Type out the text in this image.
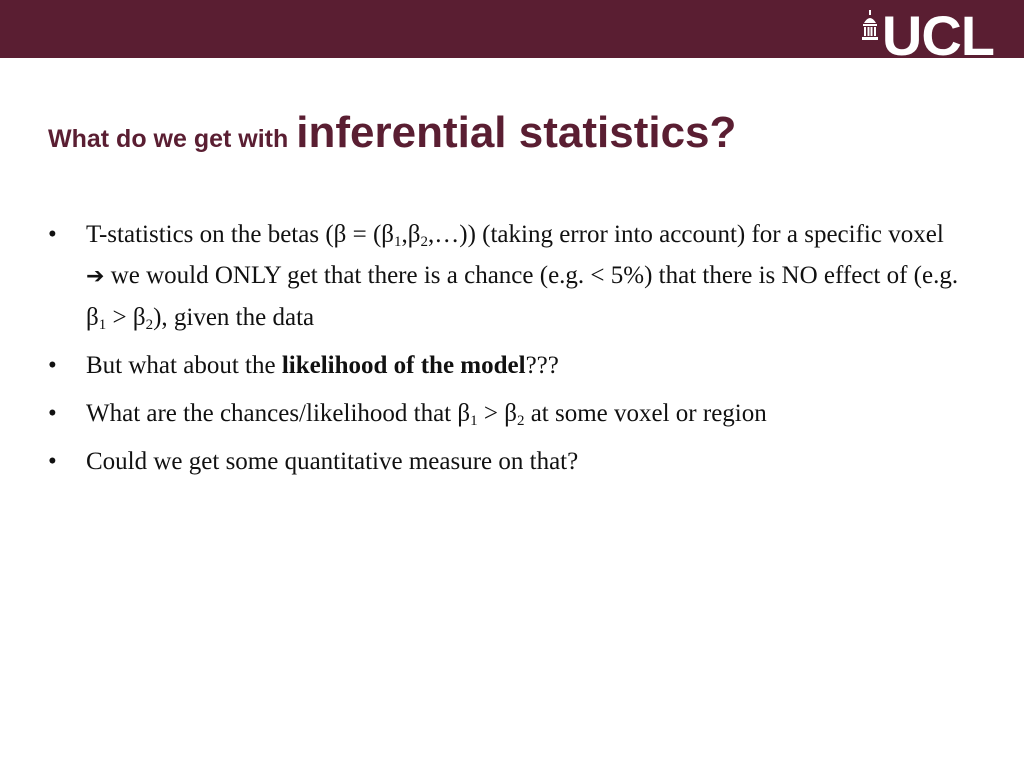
UCL
What do we get with inferential statistics?
• T-statistics on the betas $(\beta = (\beta_1,\beta_2,\dots))$ (taking error into account) for a specific voxel ➔ we would ONLY get that there is a chance (e.g. < 5%) that there is NO effect of (e.g. $\beta_1 > \beta_2$), given the data
• But what about the likelihood of the model???
• What are the chances/likelihood that $\beta_1 > \beta_2$ at some voxel or region
• Could we get some quantitative measure on that?
